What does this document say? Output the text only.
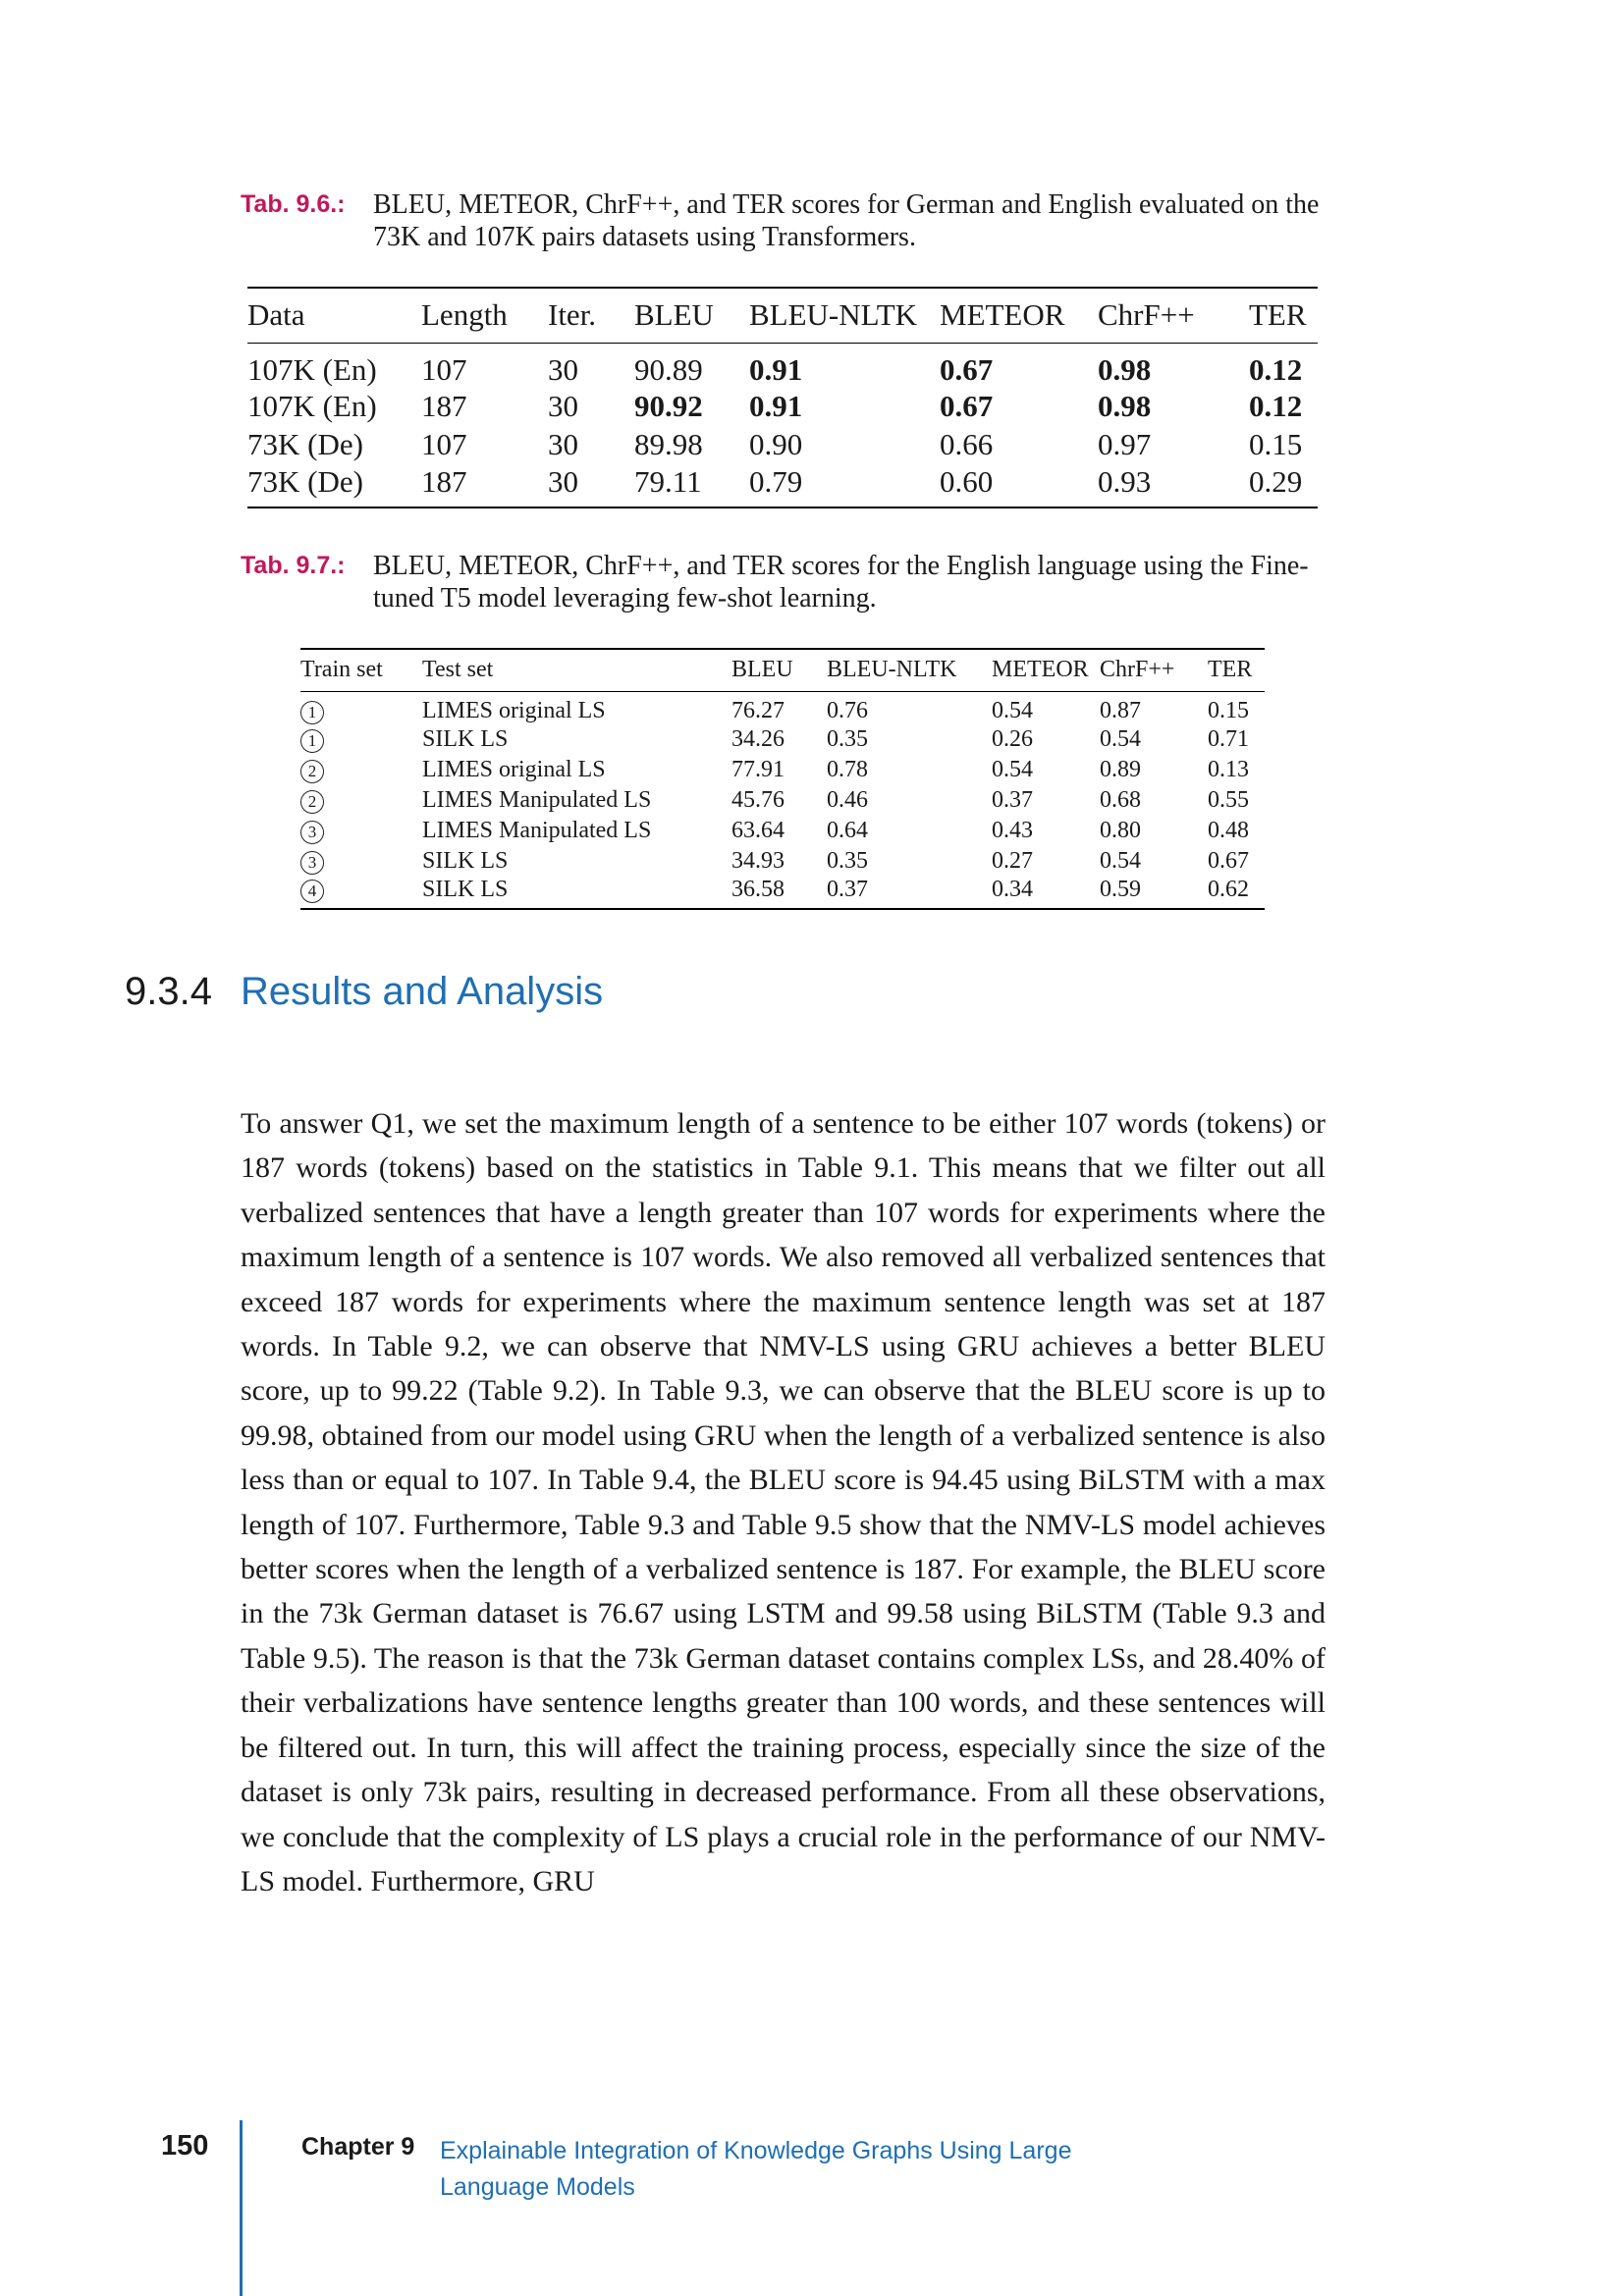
Tab. 9.6.: BLEU, METEOR, ChrF++, and TER scores for German and English evaluated on the 73K and 107K pairs datasets using Transformers.
Data	Length	Iter.	BLEU	BLEU-NLTK	METEOR	ChrF++	TER
107K (En)	107	30	90.89	0.91	0.67	0.98	0.12
107K (En)	187	30	90.92	0.91	0.67	0.98	0.12
73K (De)	107	30	89.98	0.90	0.66	0.97	0.15
73K (De)	187	30	79.11	0.79	0.60	0.93	0.29
Tab. 9.7.: BLEU, METEOR, ChrF++, and TER scores for the English language using the Fine-tuned T5 model leveraging few-shot learning.
Train set	Test set	BLEU	BLEU-NLTK	METEOR	ChrF++	TER
1	LIMES original LS	76.27	0.76	0.54	0.87	0.15
1	SILK LS	34.26	0.35	0.26	0.54	0.71
2	LIMES original LS	77.91	0.78	0.54	0.89	0.13
2	LIMES Manipulated LS	45.76	0.46	0.37	0.68	0.55
3	LIMES Manipulated LS	63.64	0.64	0.43	0.80	0.48
3	SILK LS	34.93	0.35	0.27	0.54	0.67
4	SILK LS	36.58	0.37	0.34	0.59	0.62
9.3.4 Results and Analysis

To answer Q1, we set the maximum length of a sentence to be either 107 words (tokens) or 187 words (tokens) based on the statistics in Table 9.1. This means that we filter out all verbalized sentences that have a length greater than 107 words for experiments where the maximum length of a sentence is 107 words. We also removed all verbalized sentences that exceed 187 words for experiments where the maximum sentence length was set at 187 words. In Table 9.2, we can observe that NMV-LS using GRU achieves a better BLEU score, up to 99.22 (Table 9.2). In Table 9.3, we can observe that the BLEU score is up to 99.98, obtained from our model using GRU when the length of a verbalized sentence is also less than or equal to 107. In Table 9.4, the BLEU score is 94.45 using BiLSTM with a max length of 107. Furthermore, Table 9.3 and Table 9.5 show that the NMV-LS model achieves better scores when the length of a verbalized sentence is 187. For example, the BLEU score in the 73k German dataset is 76.67 using LSTM and 99.58 using BiLSTM (Table 9.3 and Table 9.5). The reason is that the 73k German dataset contains complex LSs, and 28.40% of their verbalizations have sentence lengths greater than 100 words, and these sentences will be filtered out. In turn, this will affect the training process, especially since the size of the dataset is only 73k pairs, resulting in decreased performance. From all these observations, we conclude that the complexity of LS plays a crucial role in the performance of our NMV-LS model. Furthermore, GRU

150	Chapter 9 Explainable Integration of Knowledge Graphs Using Large Language Models
